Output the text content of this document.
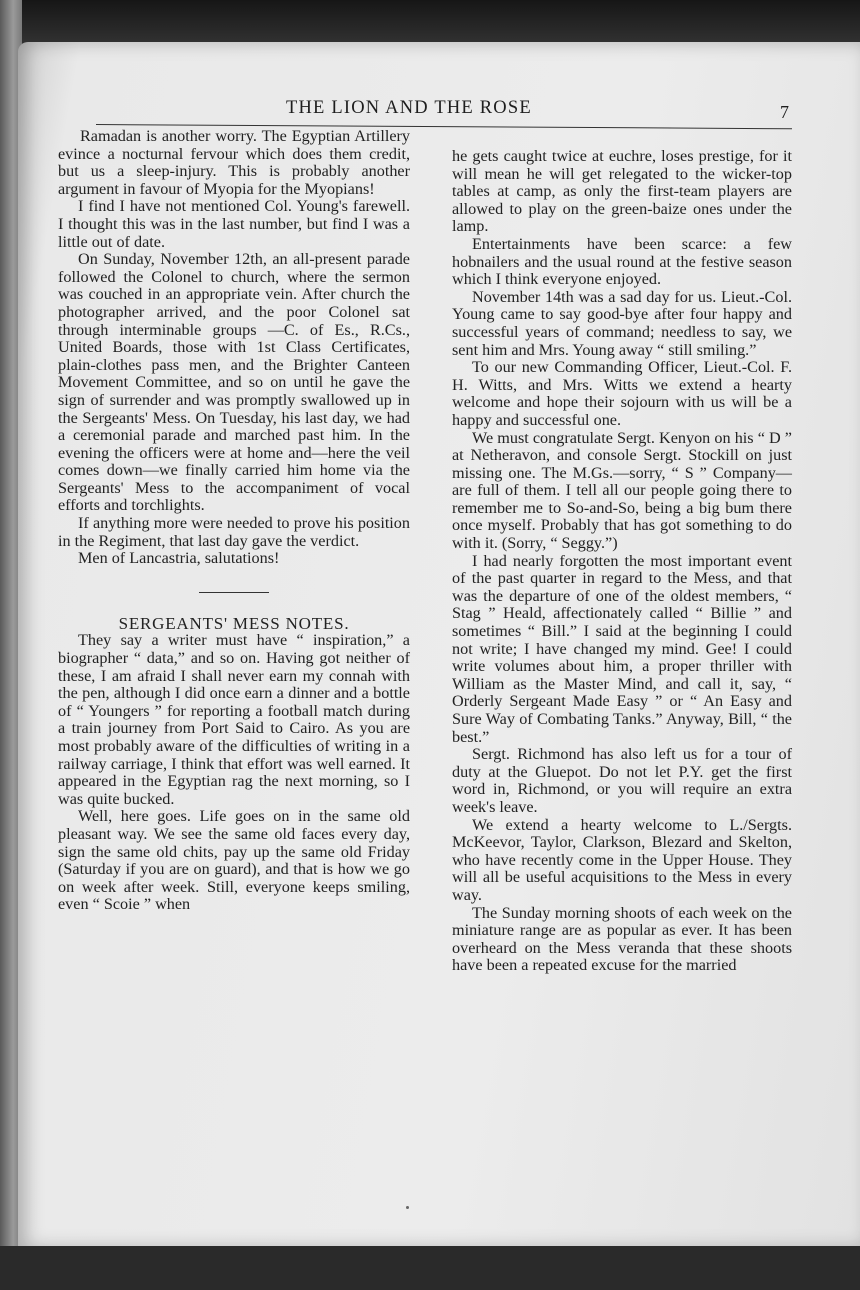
THE LION AND THE ROSE	7

Ramadan is another worry. The Egyptian Artillery evince a nocturnal fervour which does them credit, but us a sleep-injury. This is probably another argument in favour of Myopia for the Myopians!

I find I have not mentioned Col. Young's farewell. I thought this was in the last number, but find I was a little out of date.

On Sunday, November 12th, an all-present parade followed the Colonel to church, where the sermon was couched in an appropriate vein. After church the photographer arrived, and the poor Colonel sat through interminable groups —C. of Es., R.Cs., United Boards, those with 1st Class Certificates, plain-clothes pass men, and the Brighter Canteen Movement Committee, and so on until he gave the sign of surrender and was promptly swallowed up in the Sergeants' Mess. On Tuesday, his last day, we had a ceremonial parade and marched past him. In the evening the officers were at home and—here the veil comes down—we finally carried him home via the Sergeants' Mess to the accompaniment of vocal efforts and torchlights.

If anything more were needed to prove his position in the Regiment, that last day gave the verdict.

Men of Lancastria, salutations!

SERGEANTS' MESS NOTES.

They say a writer must have “ inspiration,” a biographer “ data,” and so on. Having got neither of these, I am afraid I shall never earn my connah with the pen, although I did once earn a dinner and a bottle of “ Youngers ” for reporting a football match during a train journey from Port Said to Cairo. As you are most probably aware of the difficulties of writing in a railway carriage, I think that effort was well earned. It appeared in the Egyptian rag the next morning, so I was quite bucked.

Well, here goes. Life goes on in the same old pleasant way. We see the same old faces every day, sign the same old chits, pay up the same old Friday (Saturday if you are on guard), and that is how we go on week after week. Still, everyone keeps smiling, even “ Scoie ” when

he gets caught twice at euchre, loses prestige, for it will mean he will get relegated to the wicker-top tables at camp, as only the first-team players are allowed to play on the green-baize ones under the lamp.

Entertainments have been scarce: a few hobnailers and the usual round at the festive season which I think everyone enjoyed.

November 14th was a sad day for us. Lieut.-Col. Young came to say good-bye after four happy and successful years of command; needless to say, we sent him and Mrs. Young away “ still smiling.”

To our new Commanding Officer, Lieut.-Col. F. H. Witts, and Mrs. Witts we extend a hearty welcome and hope their sojourn with us will be a happy and successful one.

We must congratulate Sergt. Kenyon on his “ D ” at Netheravon, and console Sergt. Stockill on just missing one. The M.Gs.—sorry, “ S ” Company—are full of them. I tell all our people going there to remember me to So-and-So, being a big bum there once myself. Probably that has got something to do with it. (Sorry, “ Seggy.”)

I had nearly forgotten the most important event of the past quarter in regard to the Mess, and that was the departure of one of the oldest members, “ Stag ” Heald, affectionately called “ Billie ” and sometimes “ Bill.” I said at the beginning I could not write; I have changed my mind. Gee! I could write volumes about him, a proper thriller with William as the Master Mind, and call it, say, “ Orderly Sergeant Made Easy ” or “ An Easy and Sure Way of Combating Tanks.” Anyway, Bill, “ the best.”

Sergt. Richmond has also left us for a tour of duty at the Gluepot. Do not let P.Y. get the first word in, Richmond, or you will require an extra week's leave.

We extend a hearty welcome to L./Sergts. McKeevor, Taylor, Clarkson, Blezard and Skelton, who have recently come in the Upper House. They will all be useful acquisitions to the Mess in every way.

The Sunday morning shoots of each week on the miniature range are as popular as ever. It has been overheard on the Mess veranda that these shoots have been a repeated excuse for the married
